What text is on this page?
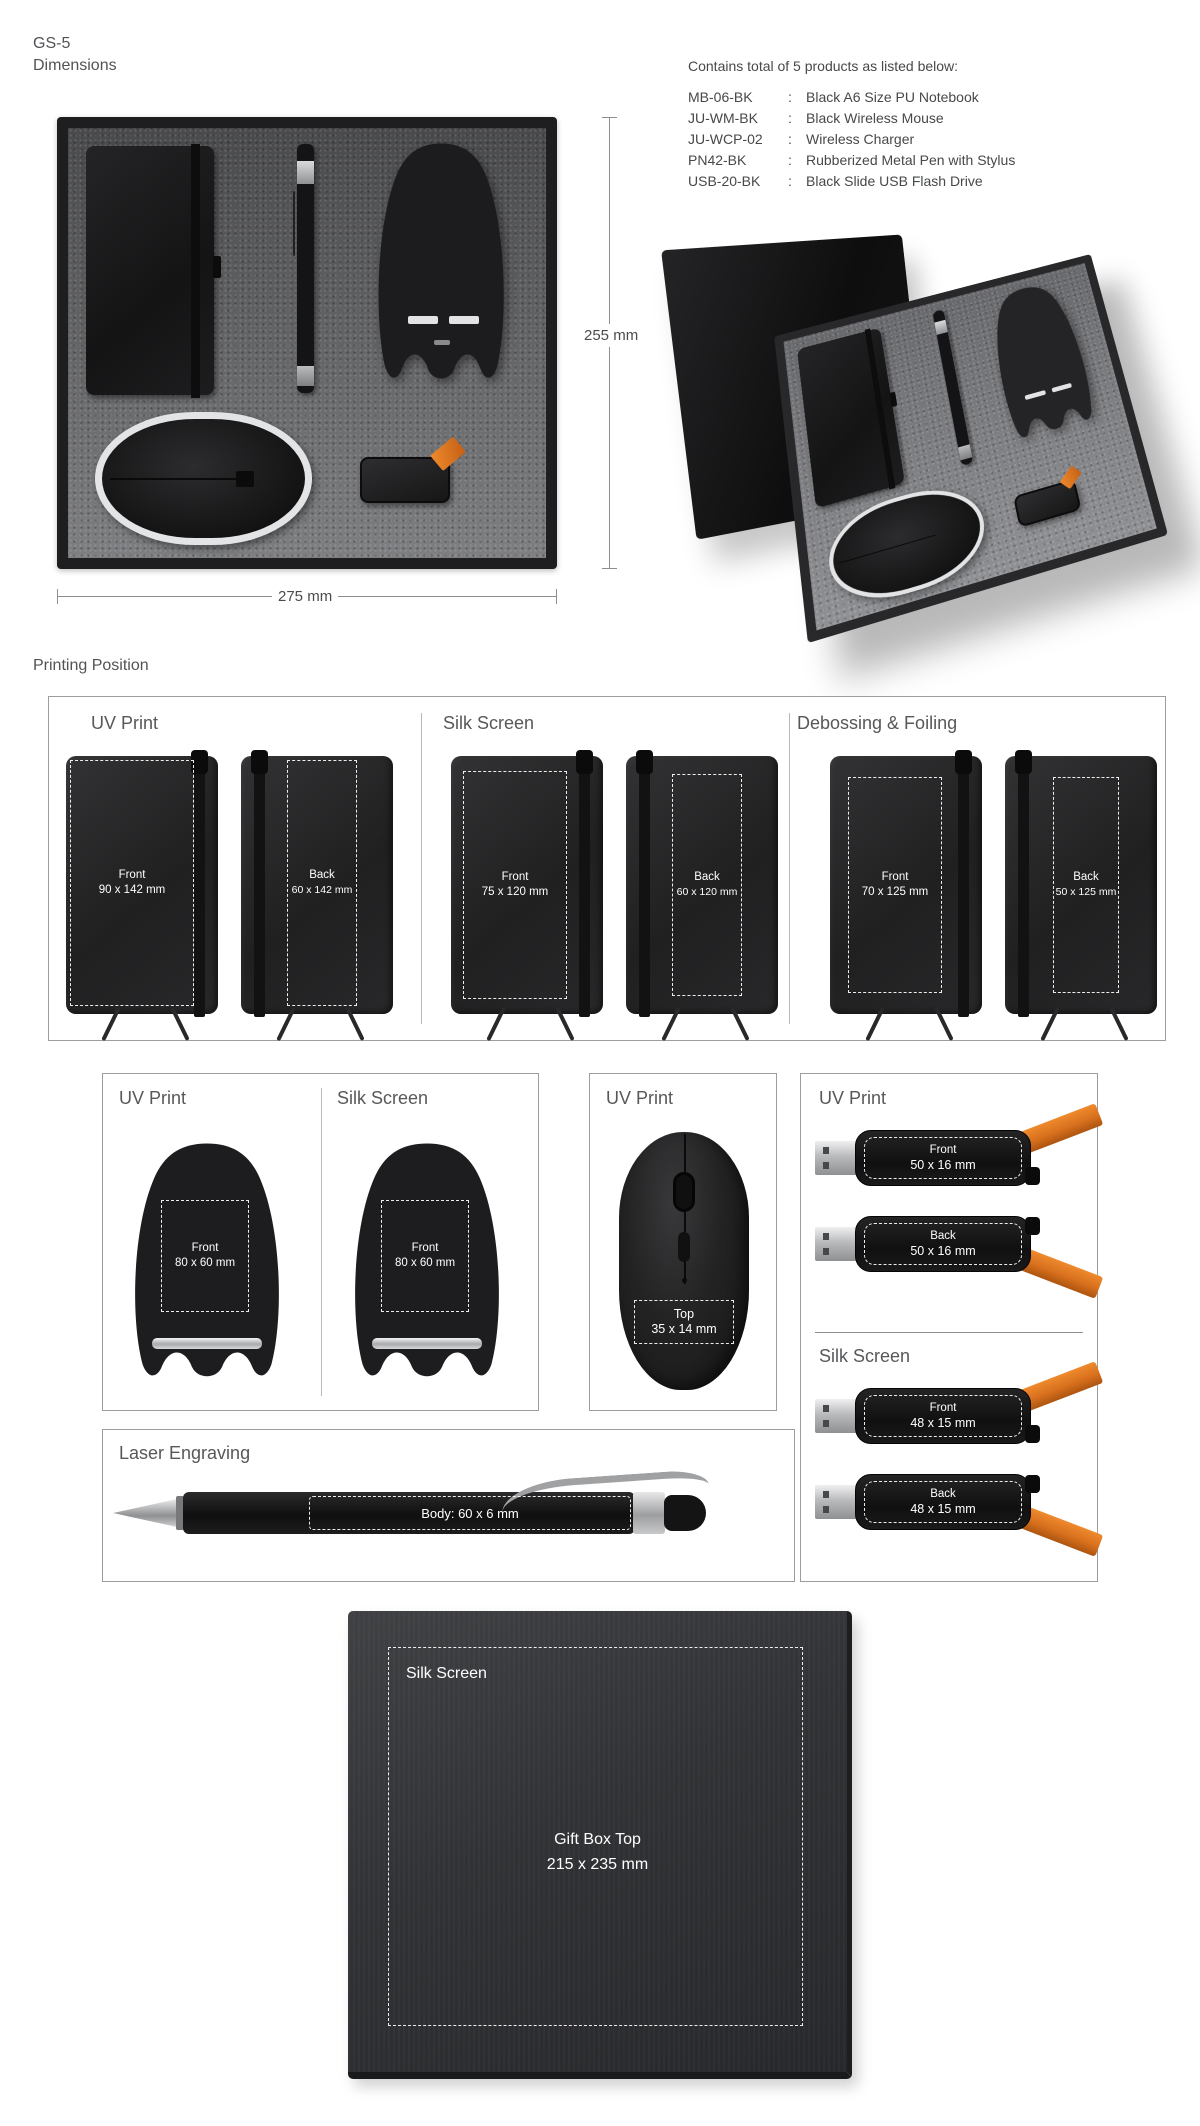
GS-5
Dimensions
255 mm
275 mm
Contains total of 5 products as listed below:
MB-06-BK	:	Black A6 Size PU Notebook
JU-WM-BK	:	Black Wireless Mouse
JU-WCP-02	:	Wireless Charger
PN42-BK	:	Rubberized Metal Pen with Stylus
USB-20-BK	:	Black Slide USB Flash Drive
Printing Position
UV Print	Silk Screen	Debossing & Foiling
Front
90 x 142 mm
Back
60 x 142 mm
Front
75 x 120 mm
Back
60 x 120 mm
Front
70 x 125 mm
Back
50 x 125 mm
UV Print	Silk Screen
Front
80 x 60 mm
Front
80 x 60 mm
UV Print
Top
35 x 14 mm
UV Print
Front
50 x 16 mm
Back
50 x 16 mm
Silk Screen
Front
48 x 15 mm
Back
48 x 15 mm
Laser Engraving
Body: 60 x 6 mm
Silk Screen
Gift Box Top
215 x 235 mm
